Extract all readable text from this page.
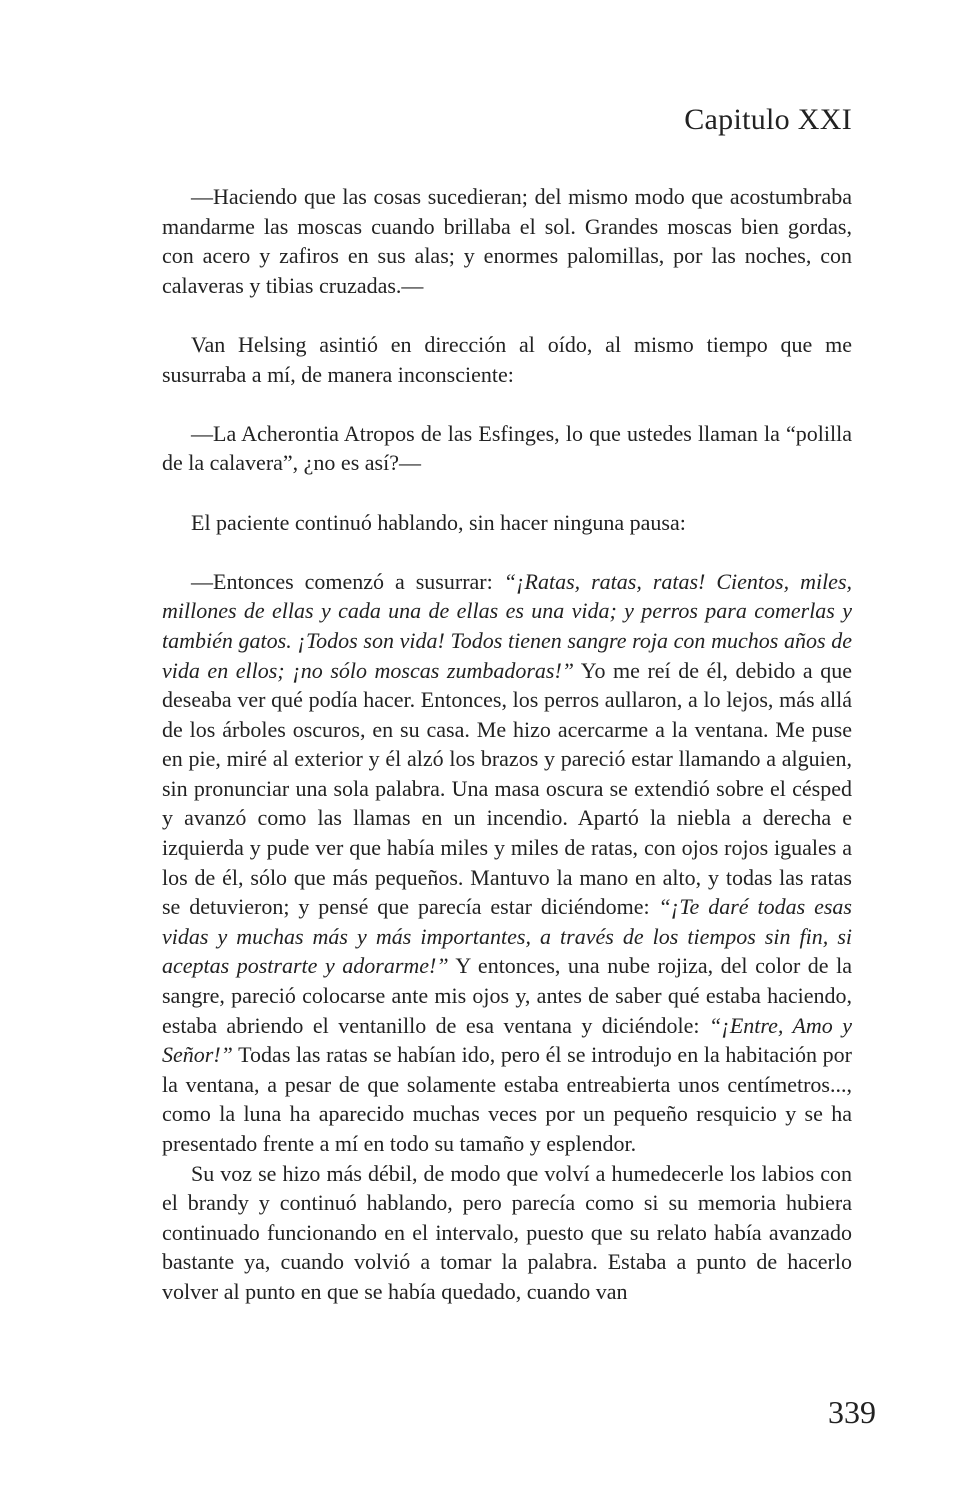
Capitulo XXI

—Haciendo que las cosas sucedieran; del mismo modo que acostumbraba mandarme las moscas cuando brillaba el sol. Grandes moscas bien gordas, con acero y zafiros en sus alas; y enormes palomillas, por las noches, con calaveras y tibias cruzadas.—

Van Helsing asintió en dirección al oído, al mismo tiempo que me susurraba a mí, de manera inconsciente:

—La Acherontia Atropos de las Esfinges, lo que ustedes llaman la “polilla de la calavera”, ¿no es así?—

El paciente continuó hablando, sin hacer ninguna pausa:

—Entonces comenzó a susurrar: “¡Ratas, ratas, ratas! Cientos, miles, millones de ellas y cada una de ellas es una vida; y perros para comerlas y también gatos. ¡Todos son vida! Todos tienen sangre roja con muchos años de vida en ellos; ¡no sólo moscas zumbadoras!” Yo me reí de él, debido a que deseaba ver qué podía hacer. Entonces, los perros aullaron, a lo lejos, más allá de los árboles oscuros, en su casa. Me hizo acercarme a la ventana. Me puse en pie, miré al exterior y él alzó los brazos y pareció estar llamando a alguien, sin pronunciar una sola palabra. Una masa oscura se extendió sobre el césped y avanzó como las llamas en un incendio. Apartó la niebla a derecha e izquierda y pude ver que había miles y miles de ratas, con ojos rojos iguales a los de él, sólo que más pequeños. Mantuvo la mano en alto, y todas las ratas se detuvieron; y pensé que parecía estar diciéndome: “¡Te daré todas esas vidas y muchas más y más importantes, a través de los tiempos sin fin, si aceptas postrarte y adorarme!” Y entonces, una nube rojiza, del color de la sangre, pareció colocarse ante mis ojos y, antes de saber qué estaba haciendo, estaba abriendo el ventanillo de esa ventana y diciéndole: “¡Entre, Amo y Señor!” Todas las ratas se habían ido, pero él se introdujo en la habitación por la ventana, a pesar de que solamente estaba entreabierta unos centímetros..., como la luna ha aparecido muchas veces por un pequeño resquicio y se ha presentado frente a mí en todo su tamaño y esplendor.

Su voz se hizo más débil, de modo que volví a humedecerle los labios con el brandy y continuó hablando, pero parecía como si su memoria hubiera continuado funcionando en el intervalo, puesto que su relato había avanzado bastante ya, cuando volvió a tomar la palabra. Estaba a punto de hacerlo volver al punto en que se había quedado, cuando van

339
